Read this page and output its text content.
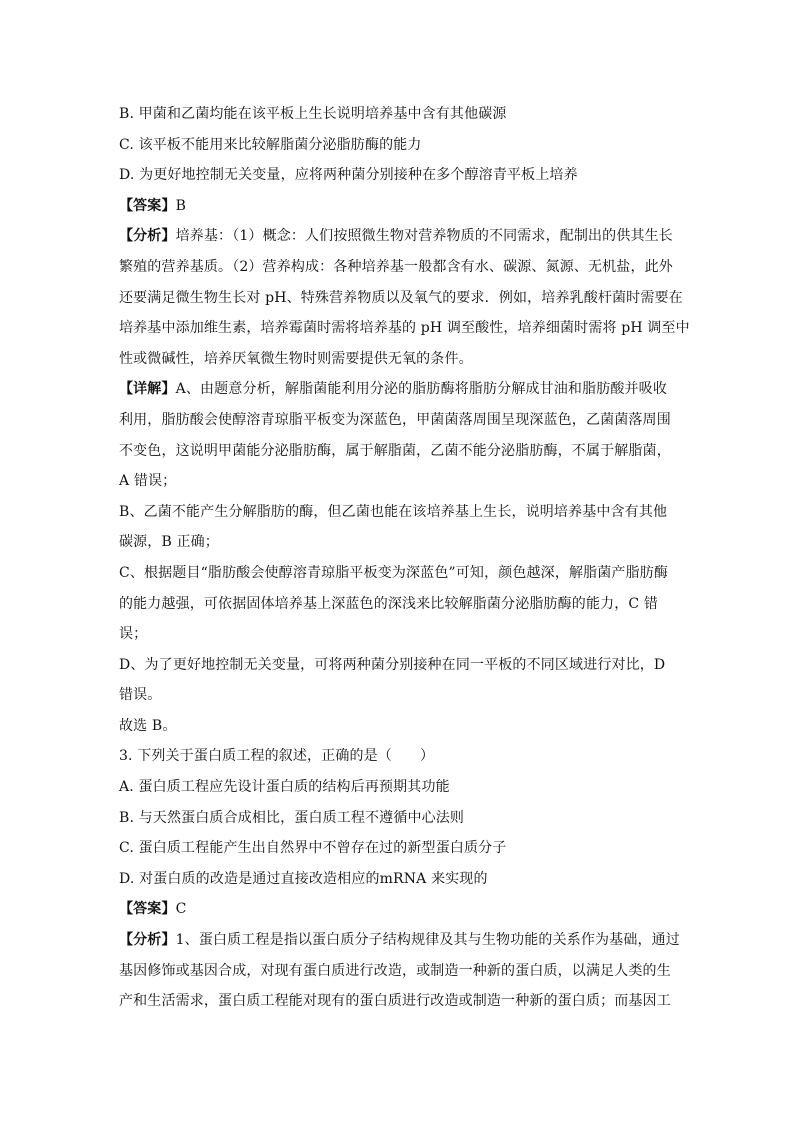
B. 甲菌和乙菌均能在该平板上生长说明培养基中含有其他碳源

C. 该平板不能用来比较解脂菌分泌脂肪酶的能力

D. 为更好地控制无关变量，应将两种菌分别接种在多个醇溶青平板上培养

【答案】B

【分析】培养基：（1）概念：人们按照微生物对营养物质的不同需求，配制出的供其生长

繁殖的营养基质。（2）营养构成：各种培养基一般都含有水、碳源、氮源、无机盐，此外

还要满足微生物生长对 pH、特殊营养物质以及氧气的要求．例如，培养乳酸杆菌时需要在

培养基中添加维生素，培养霉菌时需将培养基的 pH 调至酸性，培养细菌时需将 pH 调至中

性或微碱性，培养厌氧微生物时则需要提供无氧的条件。

【详解】A、由题意分析，解脂菌能利用分泌的脂肪酶将脂肪分解成甘油和脂肪酸并吸收

利用，脂肪酸会使醇溶青琼脂平板变为深蓝色，甲菌菌落周围呈现深蓝色，乙菌菌落周围

不变色，这说明甲菌能分泌脂肪酶，属于解脂菌，乙菌不能分泌脂肪酶，不属于解脂菌，

A 错误；

B、乙菌不能产生分解脂肪的酶，但乙菌也能在该培养基上生长，说明培养基中含有其他

碳源，B 正确；

C、根据题目“脂肪酸会使醇溶青琼脂平板变为深蓝色”可知，颜色越深，解脂菌产脂肪酶

的能力越强，可依据固体培养基上深蓝色的深浅来比较解脂菌分泌脂肪酶的能力，C 错

误；

D、为了更好地控制无关变量，可将两种菌分别接种在同一平板的不同区域进行对比，D

错误。

故选 B。

3. 下列关于蛋白质工程的叙述，正确的是（ ）

A. 蛋白质工程应先设计蛋白质的结构后再预期其功能

B. 与天然蛋白质合成相比，蛋白质工程不遵循中心法则

C. 蛋白质工程能产生出自然界中不曾存在过的新型蛋白质分子

D. 对蛋白质的改造是通过直接改造相应的mRNA 来实现的

【答案】C

【分析】1、蛋白质工程是指以蛋白质分子结构规律及其与生物功能的关系作为基础，通过

基因修饰或基因合成，对现有蛋白质进行改造，或制造一种新的蛋白质，以满足人类的生

产和生活需求，蛋白质工程能对现有的蛋白质进行改造或制造一种新的蛋白质；而基因工
